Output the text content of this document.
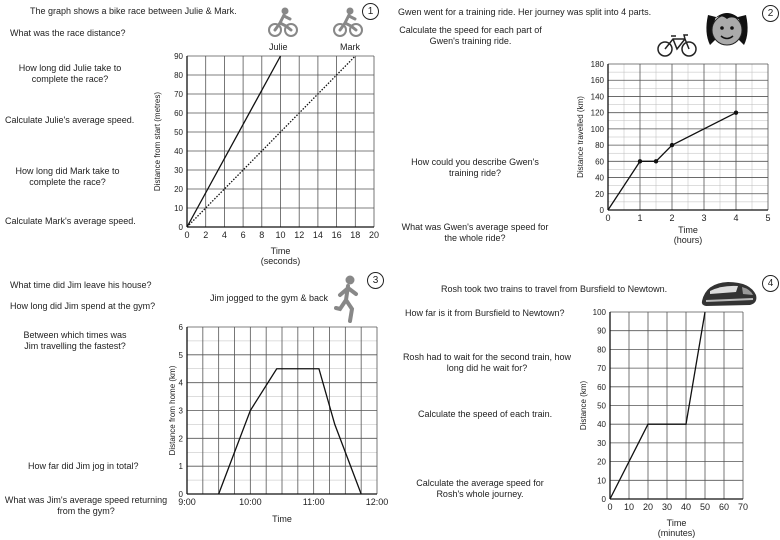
The graph shows a bike race between Julie & Mark.	1
What was the race distance?
How long did Julie take to complete the race?
Calculate Julie's average speed.
How long did Mark take to complete the race?
Calculate Mark's average speed.
Julie	Mark
Gwen went for a training ride. Her journey was split into 4 parts.	2
Calculate the speed for each part of Gwen's training ride.
How could you describe Gwen's training ride?
What was Gwen's average speed for the whole ride?
What time did Jim leave his house?
How long did Jim spend at the gym?
Jim jogged to the gym & back
3
Between which times was Jim travelling the fastest?
How far did Jim jog in total?
What was Jim's average speed returning from the gym?
Rosh took two trains to travel from Bursfield to Newtown.	4
How far is it from Bursfield to Newtown?
Rosh had to wait for the second train, how long did he wait for?
Calculate the speed of each train.
Calculate the average speed for Rosh's whole journey.
0 2 4 6 8 10 12 14 16 18 20
0
10
20
30
40
50
60
70
80
90
Time
(seconds)
Distance from start (metres)
0	1	2	3	4	5
0
20
40
60
80
100
120
140
160
180
Time
(hours)
Distance travelled (km)
9:00	10:00	11:00	12:00
0
1
2
3
4
5
6
Time
Distance from home (km)
0 10 20 30 40 50 60 70
0
10
20
30
40
50
60
70
80
90
100
Time
(minutes)
Distance (km)
